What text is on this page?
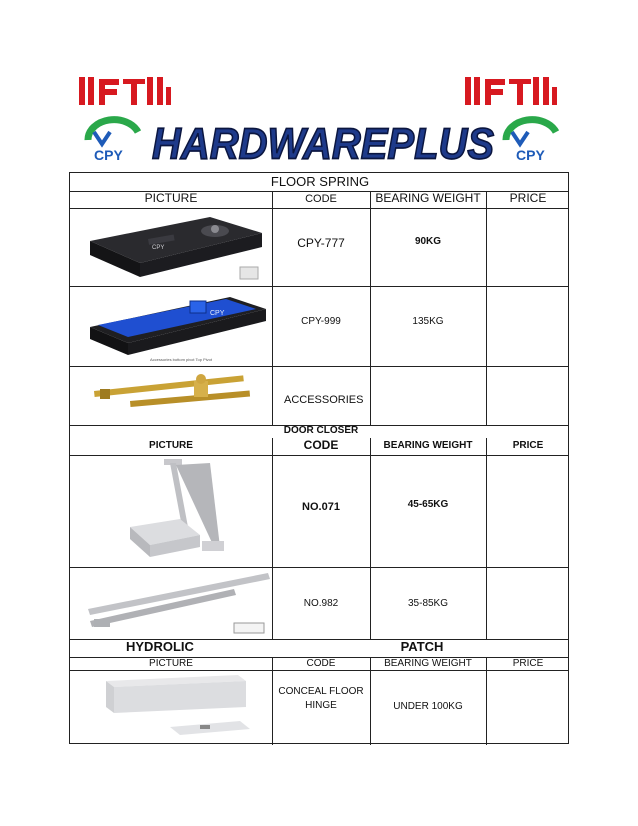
CPY	CPY
HARDWAREPLUS
FLOOR SPRING
PICTURE	CODE	BEARING WEIGHT	PRICE
CPY	CPY-777	90KG
CPY
Accessories bottom pivot Top Pivot
CPY-999	135KG
ACCESSORIES
DOOR CLOSER
PICTURE	CODE	BEARING WEIGHT	PRICE
NO.071	45-65KG
NO.982	35-85KG
HYDROLIC	PATCH
PICTURE	CODE	BEARING WEIGHT	PRICE
CONCEAL FLOOR
HINGE	UNDER 100KG
